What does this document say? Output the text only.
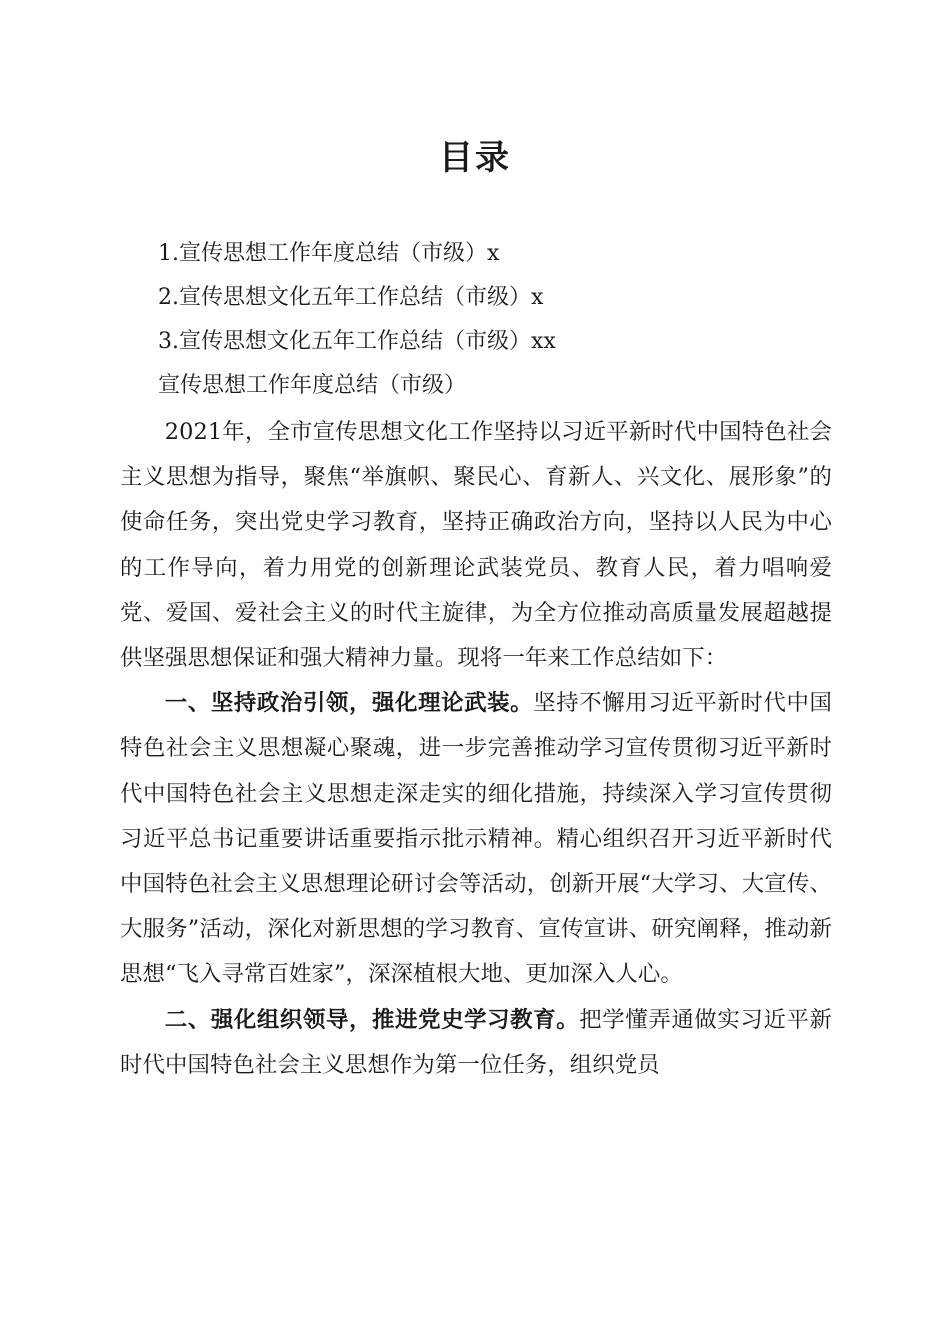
目录
1.宣传思想工作年度总结（市级）x
2.宣传思想文化五年工作总结（市级）x
3.宣传思想文化五年工作总结（市级）xx
宣传思想工作年度总结（市级）

2021年，全市宣传思想文化工作坚持以习近平新时代中国特色社会主义思想为指导，聚焦“举旗帜、聚民心、育新人、兴文化、展形象”的使命任务，突出党史学习教育，坚持正确政治方向，坚持以人民为中心的工作导向，着力用党的创新理论武装党员、教育人民，着力唱响爱党、爱国、爱社会主义的时代主旋律，为全方位推动高质量发展超越提供坚强思想保证和强大精神力量。现将一年来工作总结如下：

一、坚持政治引领，强化理论武装。坚持不懈用习近平新时代中国特色社会主义思想凝心聚魂，进一步完善推动学习宣传贯彻习近平新时代中国特色社会主义思想走深走实的细化措施，持续深入学习宣传贯彻习近平总书记重要讲话重要指示批示精神。精心组织召开习近平新时代中国特色社会主义思想理论研讨会等活动，创新开展“大学习、大宣传、大服务”活动，深化对新思想的学习教育、宣传宣讲、研究阐释，推动新思想“飞入寻常百姓家”，深深植根大地、更加深入人心。

二、强化组织领导，推进党史学习教育。把学懂弄通做实习近平新时代中国特色社会主义思想作为第一位任务，组织党员
